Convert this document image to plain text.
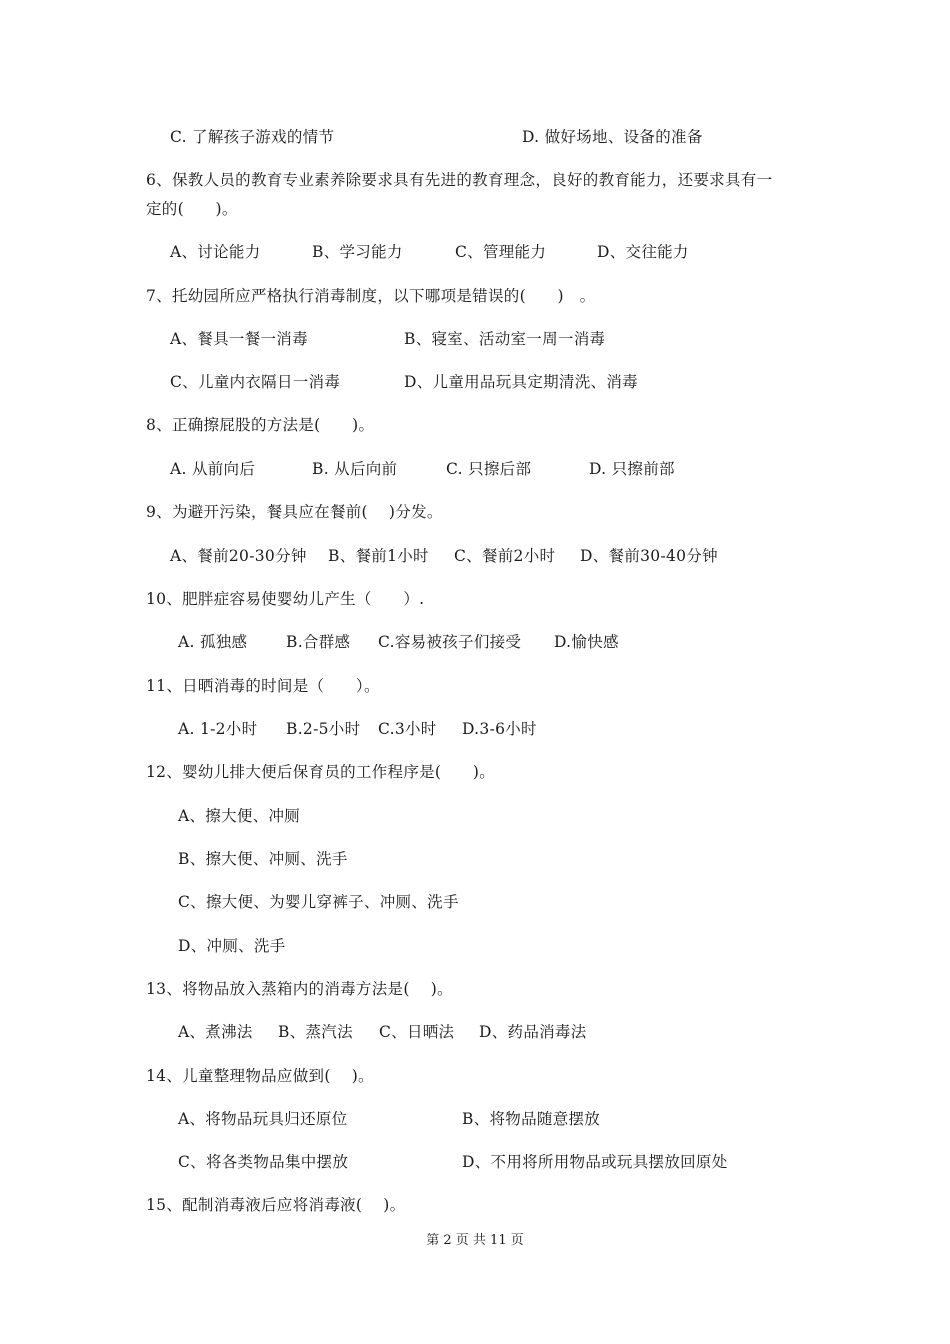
C. 了解孩子游戏的情节	D. 做好场地、设备的准备
6、保教人员的教育专业素养除要求具有先进的教育理念，良好的教育能力，还要求具有一
定的(　　)。
A、讨论能力	B、学习能力	C、管理能力	D、交往能力
7、托幼园所应严格执行消毒制度，以下哪项是错误的(　　)　。
A、餐具一餐一消毒	B、寝室、活动室一周一消毒
C、儿童内衣隔日一消毒	D、儿童用品玩具定期清洗、消毒
8、正确擦屁股的方法是(　　)。
A. 从前向后	B. 从后向前	C. 只擦后部	D. 只擦前部
9、为避开污染，餐具应在餐前(　 )分发。
A、餐前20-30分钟 B、餐前1小时 C、餐前2小时 D、餐前30-40分钟
10、肥胖症容易使婴幼儿产生（　　）.
A. 孤独感 B.合群感 C.容易被孩子们接受 D.愉快感
11、日晒消毒的时间是（　　）。
A. 1-2小时 B.2-5小时 C.3小时 D.3-6小时
12、婴幼儿排大便后保育员的工作程序是(　　)。
A、擦大便、冲厕
B、擦大便、冲厕、洗手
C、擦大便、为婴儿穿裤子、冲厕、洗手
D、冲厕、洗手
13、将物品放入蒸箱内的消毒方法是(　 )。
A、煮沸法 B、蒸汽法 C、日晒法 D、药品消毒法
14、儿童整理物品应做到(　 )。
A、将物品玩具归还原位	B、将物品随意摆放
C、将各类物品集中摆放	D、不用将所用物品或玩具摆放回原处
15、配制消毒液后应将消毒液(　 )。
第 2 页 共 11 页
